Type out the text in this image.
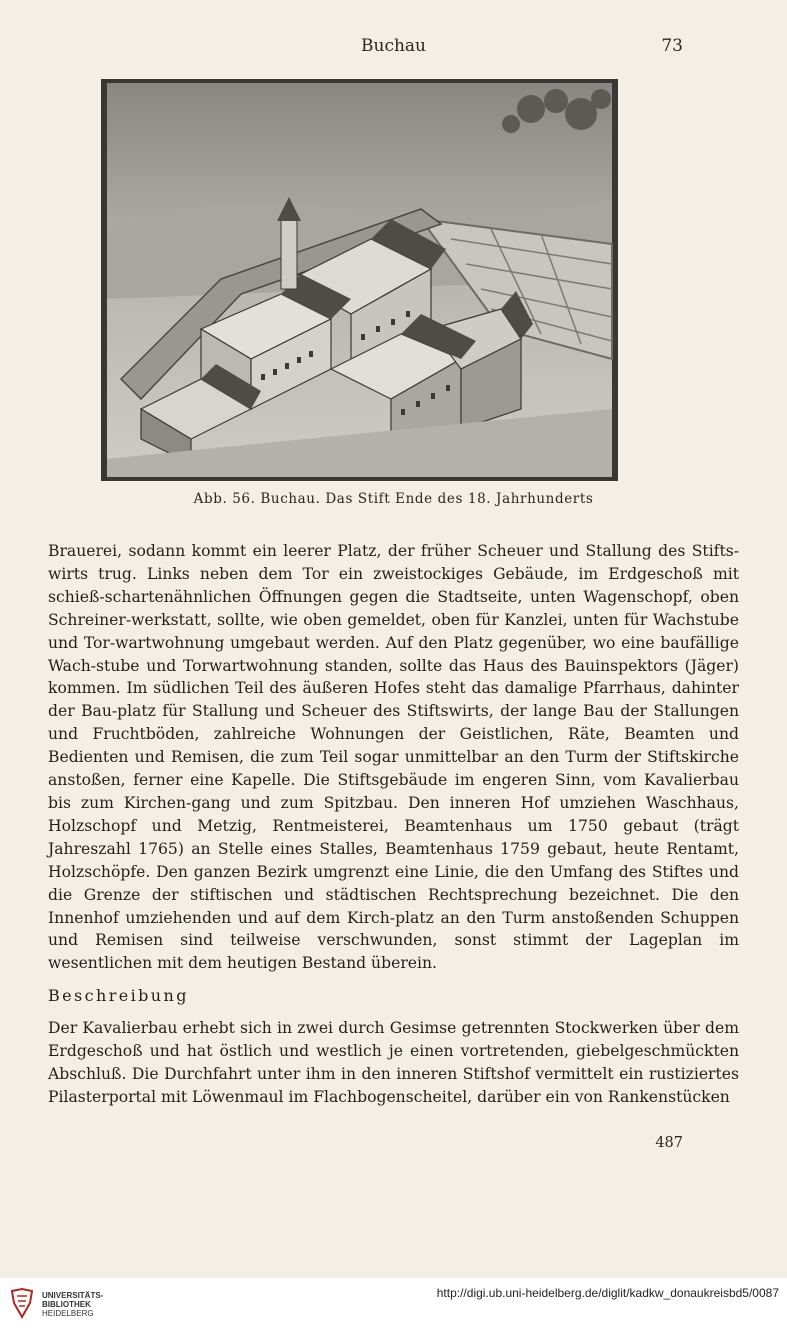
Buchau	73
Abb. 56. Buchau. Das Stift Ende des 18. Jahrhunderts
Brauerei, sodann kommt ein leerer Platz, der früher Scheuer und Stallung des Stifts-wirts trug. Links neben dem Tor ein zweistockiges Gebäude, im Erdgeschoß mit schieß-schartenähnlichen Öffnungen gegen die Stadtseite, unten Wagenschopf, oben Schreiner-werkstatt, sollte, wie oben gemeldet, oben für Kanzlei, unten für Wachstube und Tor-wartwohnung umgebaut werden. Auf den Platz gegenüber, wo eine baufällige Wach-stube und Torwartwohnung standen, sollte das Haus des Bauinspektors (Jäger) kommen. Im südlichen Teil des äußeren Hofes steht das damalige Pfarrhaus, dahinter der Bau-platz für Stallung und Scheuer des Stiftswirts, der lange Bau der Stallungen und Fruchtböden, zahlreiche Wohnungen der Geistlichen, Räte, Beamten und Bedienten und Remisen, die zum Teil sogar unmittelbar an den Turm der Stiftskirche anstoßen, ferner eine Kapelle. Die Stiftsgebäude im engeren Sinn, vom Kavalierbau bis zum Kirchen-gang und zum Spitzbau. Den inneren Hof umziehen Waschhaus, Holzschopf und Metzig, Rentmeisterei, Beamtenhaus um 1750 gebaut (trägt Jahreszahl 1765) an Stelle eines Stalles, Beamtenhaus 1759 gebaut, heute Rentamt, Holzschöpfe. Den ganzen Bezirk umgrenzt eine Linie, die den Umfang des Stiftes und die Grenze der stiftischen und städtischen Rechtsprechung bezeichnet. Die den Innenhof umziehenden und auf dem Kirch-platz an den Turm anstoßenden Schuppen und Remisen sind teilweise verschwunden, sonst stimmt der Lageplan im wesentlichen mit dem heutigen Bestand überein.
Beschreibung
Der Kavalierbau erhebt sich in zwei durch Gesimse getrennten Stockwerken über dem Erdgeschoß und hat östlich und westlich je einen vortretenden, giebelgeschmückten Abschluß. Die Durchfahrt unter ihm in den inneren Stiftshof vermittelt ein rustiziertes Pilasterportal mit Löwenmaul im Flachbogenscheitel, darüber ein von Rankenstücken
487
UNIVERSITÄTS-
BIBLIOTHEK
HEIDELBERG
http://digi.ub.uni-heidelberg.de/diglit/kadkw_donaukreisbd5/0087
